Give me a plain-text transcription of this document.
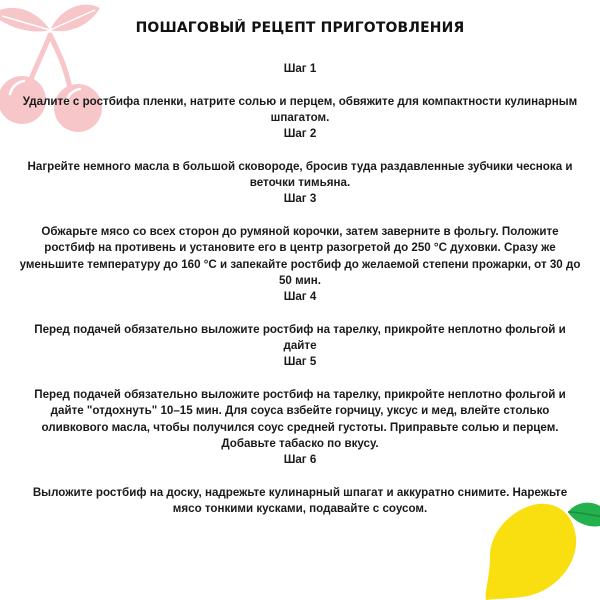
ПОШАГОВЫЙ РЕЦЕПТ ПРИГОТОВЛЕНИЯ

Шаг 1

Удалите с ростбифа пленки, натрите солью и перцем, обвяжите для компактности кулинарным шпагатом.

Шаг 2

Нагрейте немного масла в большой сковороде, бросив туда раздавленные зубчики чеснока и веточки тимьяна.

Шаг 3

Обжарьте мясо со всех сторон до румяной корочки, затем заверните в фольгу. Положите ростбиф на противень и установите его в центр разогретой до 250 °C духовки. Сразу же уменьшите температуру до 160 °C и запекайте ростбиф до желаемой степени прожарки, от 30 до 50 мин.

Шаг 4

Перед подачей обязательно выложите ростбиф на тарелку, прикройте неплотно фольгой и дайте

Шаг 5

Перед подачей обязательно выложите ростбиф на тарелку, прикройте неплотно фольгой и дайте "отдохнуть" 10–15 мин. Для соуса взбейте горчицу, уксус и мед, влейте столько оливкового масла, чтобы получился соус средней густоты. Приправьте солью и перцем. Добавьте табаско по вкусу.

Шаг 6

Выложите ростбиф на доску, надрежьте кулинарный шпагат и аккуратно снимите. Нарежьте мясо тонкими кусками, подавайте с соусом.
